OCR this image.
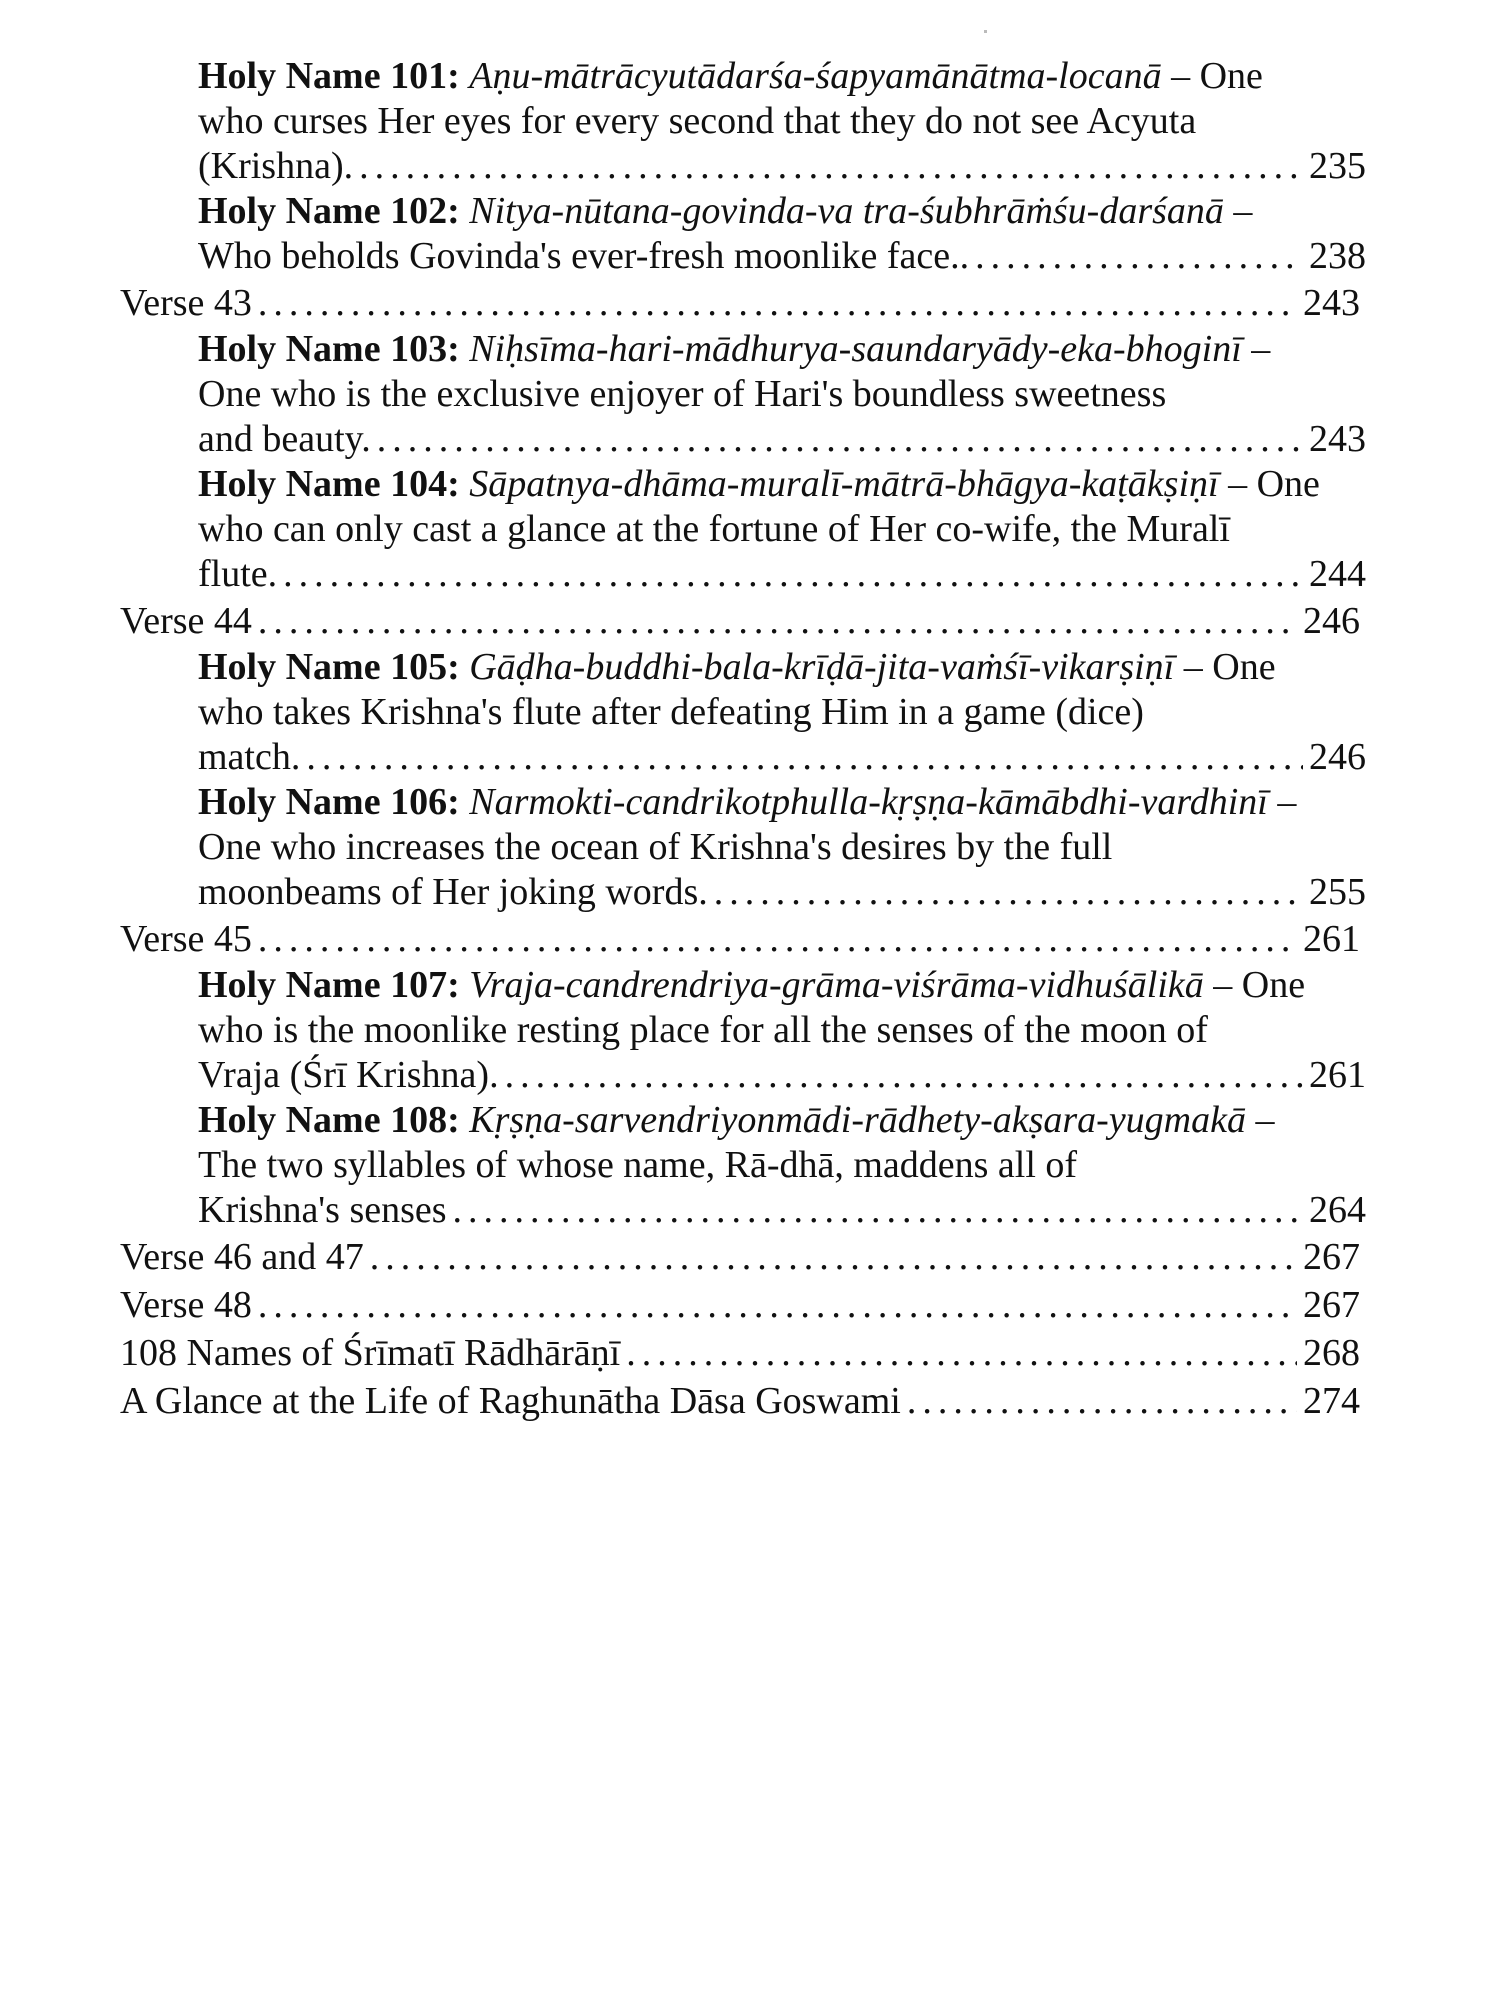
Holy Name 101: Aṇu-mātrācyutādarśa-śapyamānātma-locanā – One
who curses Her eyes for every second that they do not see Acyuta
(Krishna). .....	235
Holy Name 102: Nitya-nūtana-govinda-va tra-śubhrāṁśu-darśanā –
Who beholds Govinda's ever-fresh moonlike face.. .....	238
Verse 43 .....	243
Holy Name 103: Niḥsīma-hari-mādhurya-saundaryādy-eka-bhoginī –
One who is the exclusive enjoyer of Hari's boundless sweetness
and beauty. .....	243
Holy Name 104: Sāpatnya-dhāma-muralī-mātrā-bhāgya-kaṭākṣiṇī – One
who can only cast a glance at the fortune of Her co-wife, the Muralī
flute. .....	244
Verse 44 .....	246
Holy Name 105: Gāḍha-buddhi-bala-krīḍā-jita-vaṁśī-vikarṣiṇī – One
who takes Krishna's flute after defeating Him in a game (dice)
match. .....	246
Holy Name 106: Narmokti-candrikotphulla-kṛṣṇa-kāmābdhi-vardhinī –
One who increases the ocean of Krishna's desires by the full
moonbeams of Her joking words. .....	255
Verse 45 .....	261
Holy Name 107: Vraja-candrendriya-grāma-viśrāma-vidhuśālikā – One
who is the moonlike resting place for all the senses of the moon of
Vraja (Śrī Krishna). .....	261
Holy Name 108: Kṛṣṇa-sarvendriyonmādi-rādhety-akṣara-yugmakā –
The two syllables of whose name, Rā-dhā, maddens all of
Krishna's senses .....	264
Verse 46 and 47 .....	267
Verse 48 .....	267
108 Names of Śrīmatī Rādhārāṇī .....	268
A Glance at the Life of Raghunātha Dāsa Goswami .....	274
